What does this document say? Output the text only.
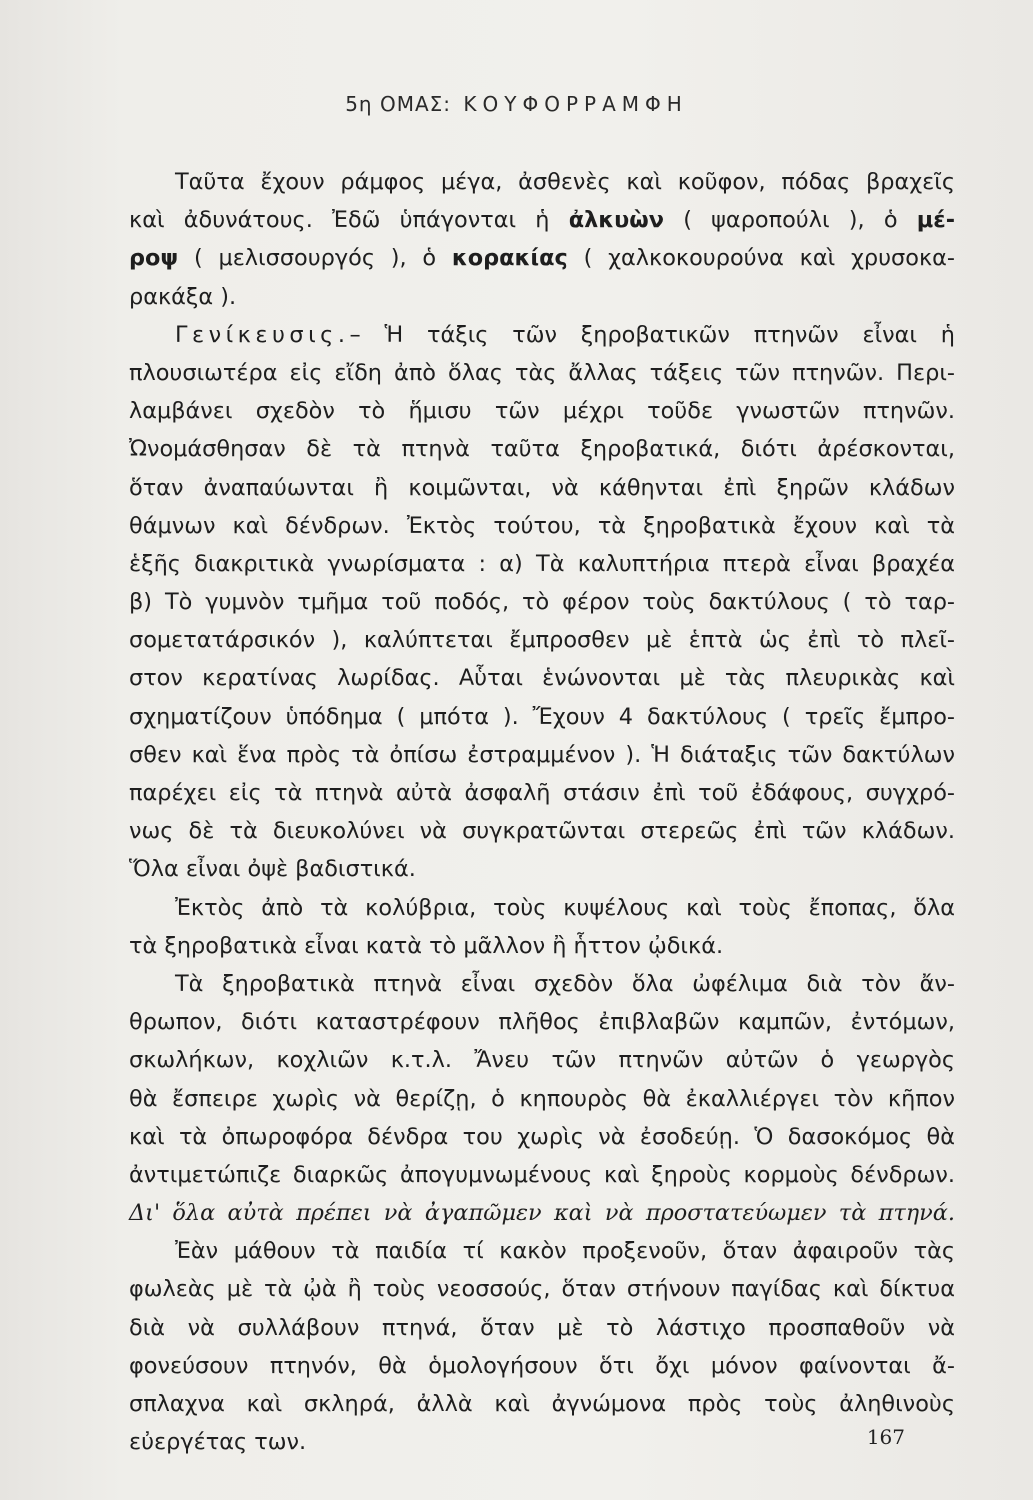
5η ΟΜΑΣ: ΚΟΥΦΟΡΡΑΜΦΗ
Ταῦτα ἔχουν ράμφος μέγα, ἀσθενὲς καὶ κοῦφον, πόδας βραχεῖς
καὶ ἀδυνάτους. Ἐδῶ ὑπάγονται ἡ ἀλκυὼν ( ψαροπούλι ), ὁ μέ-
ροψ ( μελισσουργός ), ὁ κορακίας ( χαλκοκουρούνα καὶ χρυσοκα-
ρακάξα ).
Γενίκευσις.– Ἡ τάξις τῶν ξηροβατικῶν πτηνῶν εἶναι ἡ
πλουσιωτέρα εἰς εἴδη ἀπὸ ὅλας τὰς ἄλλας τάξεις τῶν πτηνῶν. Περι-
λαμβάνει σχεδὸν τὸ ἥμισυ τῶν μέχρι τοῦδε γνωστῶν πτηνῶν.
Ὠνομάσθησαν δὲ τὰ πτηνὰ ταῦτα ξηροβατικά, διότι ἀρέσκονται,
ὅταν ἀναπαύωνται ἢ κοιμῶνται, νὰ κάθηνται ἐπὶ ξηρῶν κλάδων
θάμνων καὶ δένδρων. Ἐκτὸς τούτου, τὰ ξηροβατικὰ ἔχουν καὶ τὰ
ἑξῆς διακριτικὰ γνωρίσματα : α) Τὰ καλυπτήρια πτερὰ εἶναι βραχέα
β) Τὸ γυμνὸν τμῆμα τοῦ ποδός, τὸ φέρον τοὺς δακτύλους ( τὸ ταρ-
σομετατάρσικόν ), καλύπτεται ἔμπροσθεν μὲ ἑπτὰ ὡς ἐπὶ τὸ πλεῖ-
στον κερατίνας λωρίδας. Αὗται ἑνώνονται μὲ τὰς πλευρικὰς καὶ
σχηματίζουν ὑπόδημα ( μπότα ). Ἔχουν 4 δακτύλους ( τρεῖς ἔμπρο-
σθεν καὶ ἕνα πρὸς τὰ ὀπίσω ἐστραμμένον ). Ἡ διάταξις τῶν δακτύλων
παρέχει εἰς τὰ πτηνὰ αὐτὰ ἀσφαλῆ στάσιν ἐπὶ τοῦ ἐδάφους, συγχρό-
νως δὲ τὰ διευκολύνει νὰ συγκρατῶνται στερεῶς ἐπὶ τῶν κλάδων.
Ὅλα εἶναι ὀψὲ βαδιστικά.
Ἐκτὸς ἀπὸ τὰ κολύβρια, τοὺς κυψέλους καὶ τοὺς ἔποπας, ὅλα
τὰ ξηροβατικὰ εἶναι κατὰ τὸ μᾶλλον ἢ ἧττον ᾠδικά.
Τὰ ξηροβατικὰ πτηνὰ εἶναι σχεδὸν ὅλα ὠφέλιμα διὰ τὸν ἄν-
θρωπον, διότι καταστρέφουν πλῆθος ἐπιβλαβῶν καμπῶν, ἐντόμων,
σκωλήκων, κοχλιῶν κ.τ.λ. Ἄνευ τῶν πτηνῶν αὐτῶν ὁ γεωργὸς
θὰ ἔσπειρε χωρὶς νὰ θερίζῃ, ὁ κηπουρὸς θὰ ἐκαλλιέργει τὸν κῆπον
καὶ τὰ ὀπωροφόρα δένδρα του χωρὶς νὰ ἐσοδεύῃ. Ὁ δασοκόμος θὰ
ἀντιμετώπιζε διαρκῶς ἀπογυμνωμένους καὶ ξηροὺς κορμοὺς δένδρων.
Δι' ὅλα αὐτὰ πρέπει νὰ ἀγαπῶμεν καὶ νὰ προστατεύωμεν τὰ πτηνά.
Ἐὰν μάθουν τὰ παιδία τί κακὸν προξενοῦν, ὅταν ἀφαιροῦν τὰς
φωλεὰς μὲ τὰ ᾠὰ ἢ τοὺς νεοσσούς, ὅταν στήνουν παγίδας καὶ δίκτυα
διὰ νὰ συλλάβουν πτηνά, ὅταν μὲ τὸ λάστιχο προσπαθοῦν νὰ
φονεύσουν πτηνόν, θὰ ὁμολογήσουν ὅτι ὄχι μόνον φαίνονται ἄ-
σπλαχνα καὶ σκληρά, ἀλλὰ καὶ ἀγνώμονα πρὸς τοὺς ἀληθινοὺς
εὐεργέτας των.	167
